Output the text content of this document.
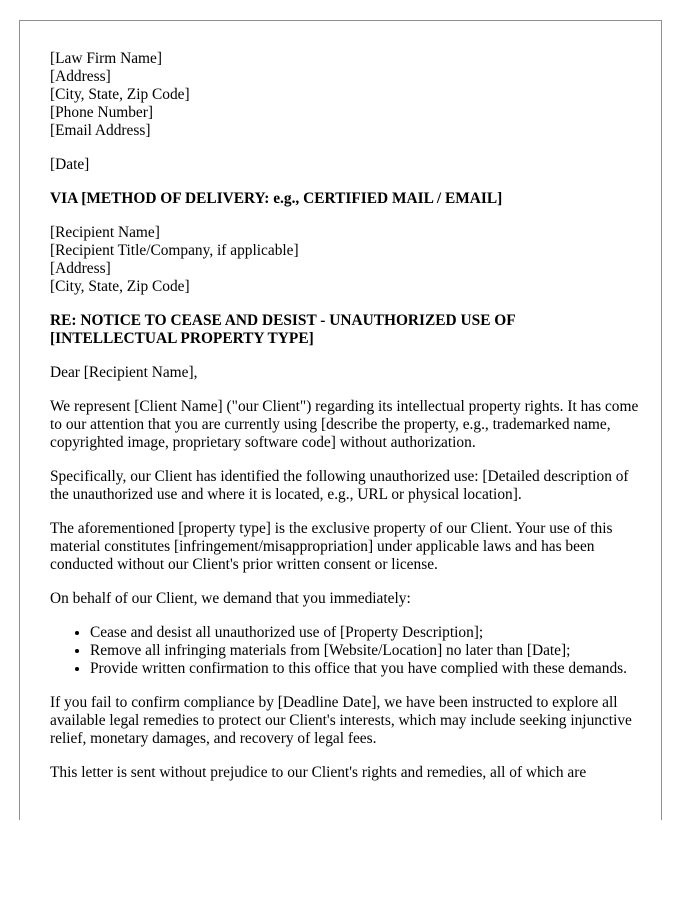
[Law Firm Name]
[Address]
[City, State, Zip Code]
[Phone Number]
[Email Address]
[Date]
VIA [METHOD OF DELIVERY: e.g., CERTIFIED MAIL / EMAIL]
[Recipient Name]
[Recipient Title/Company, if applicable]
[Address]
[City, State, Zip Code]

RE: NOTICE TO CEASE AND DESIST - UNAUTHORIZED USE OF [INTELLECTUAL PROPERTY TYPE]

Dear [Recipient Name],

We represent [Client Name] ("our Client") regarding its intellectual property rights. It has come to our attention that you are currently using [describe the property, e.g., trademarked name, copyrighted image, proprietary software code] without authorization.

Specifically, our Client has identified the following unauthorized use: [Detailed description of the unauthorized use and where it is located, e.g., URL or physical location].

The aforementioned [property type] is the exclusive property of our Client. Your use of this material constitutes [infringement/misappropriation] under applicable laws and has been conducted without our Client's prior written consent or license.

On behalf of our Client, we demand that you immediately:

• Cease and desist all unauthorized use of [Property Description];
• Remove all infringing materials from [Website/Location] no later than [Date];
• Provide written confirmation to this office that you have complied with these demands.

If you fail to confirm compliance by [Deadline Date], we have been instructed to explore all available legal remedies to protect our Client's interests, which may include seeking injunctive relief, monetary damages, and recovery of legal fees.

This letter is sent without prejudice to our Client's rights and remedies, all of which are
